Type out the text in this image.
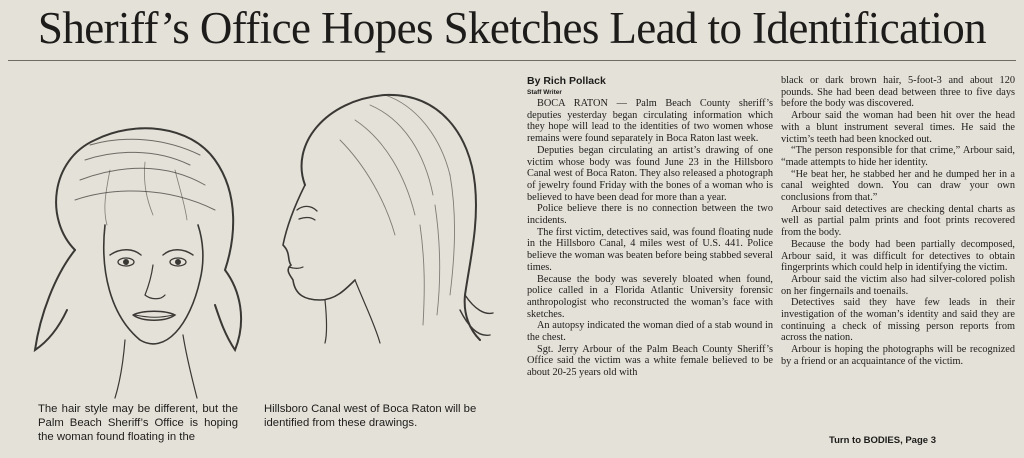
Sheriff’s Office Hopes Sketches Lead to Identification

The hair style may be different, but the Palm Beach Sheriff’s Office is hoping the woman found floating in the

Hillsboro Canal west of Boca Raton will be identified from these drawings.

By Rich Pollack

Staff Writer

BOCA RATON — Palm Beach County sheriff’s deputies yesterday began circulating information which they hope will lead to the identities of two women whose remains were found separately in Boca Raton last week.

Deputies began circulating an artist’s drawing of one victim whose body was found June 23 in the Hillsboro Canal west of Boca Raton. They also released a photograph of jewelry found Friday with the bones of a woman who is believed to have been dead for more than a year.

Police believe there is no connection between the two incidents.

The first victim, detectives said, was found floating nude in the Hillsboro Canal, 4 miles west of U.S. 441. Police believe the woman was beaten before being stabbed several times.

Because the body was severely bloated when found, police called in a Florida Atlantic University forensic anthropologist who reconstructed the woman’s face with sketches.

An autopsy indicated the woman died of a stab wound in the chest.

Sgt. Jerry Arbour of the Palm Beach County Sheriff’s Office said the victim was a white female believed to be about 20-25 years old with

black or dark brown hair, 5-foot-3 and about 120 pounds. She had been dead between three to five days before the body was discovered.

Arbour said the woman had been hit over the head with a blunt instrument several times. He said the victim’s teeth had been knocked out.

“The person responsible for that crime,” Arbour said, “made attempts to hide her identity.

“He beat her, he stabbed her and he dumped her in a canal weighted down. You can draw your own conclusions from that.”

Arbour said detectives are checking dental charts as well as partial palm prints and foot prints recovered from the body.

Because the body had been partially decomposed, Arbour said, it was difficult for detectives to obtain fingerprints which could help in identifying the victim.

Arbour said the victim also had silver-colored polish on her fingernails and toenails.

Detectives said they have few leads in their investigation of the woman’s identity and said they are continuing a check of missing person reports from across the nation.

Arbour is hoping the photographs will be recognized by a friend or an acquaintance of the victim.

Turn to BODIES, Page 3
